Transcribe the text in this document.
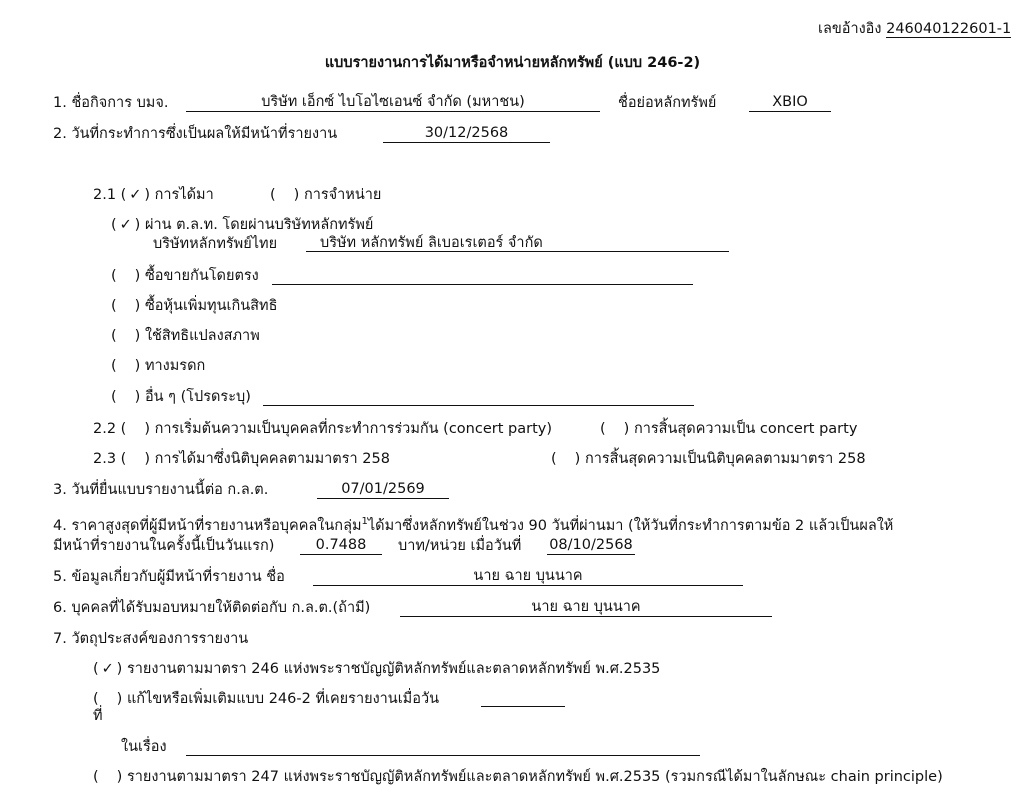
เลขอ้างอิง 246040122601-1
แบบรายงานการได้มาหรือจำหน่ายหลักทรัพย์ (แบบ 246-2)
1. ชื่อกิจการ บมจ.	บริษัท เอ็กซ์ ไบโอไซเอนซ์ จำกัด (มหาชน)	ชื่อย่อหลักทรัพย์	XBIO
2. วันที่กระทำการซึ่งเป็นผลให้มีหน้าที่รายงาน	30/12/2568
2.1 ( ✓ ) การได้มา	( ) การจำหน่าย
( ✓ ) ผ่าน ต.ล.ท. โดยผ่านบริษัทหลักทรัพย์
บริษัทหลักทรัพย์ไทย	บริษัท หลักทรัพย์ ลิเบอเรเตอร์ จำกัด
( ) ซื้อขายกันโดยตรง
( ) ซื้อหุ้นเพิ่มทุนเกินสิทธิ
( ) ใช้สิทธิแปลงสภาพ
( ) ทางมรดก
( ) อื่น ๆ (โปรดระบุ)
2.2 ( ) การเริ่มต้นความเป็นบุคคลที่กระทำการร่วมกัน (concert party)	( ) การสิ้นสุดความเป็น concert party
2.3 ( ) การได้มาซึ่งนิติบุคคลตามมาตรา 258	( ) การสิ้นสุดความเป็นนิติบุคคลตามมาตรา 258
3. วันที่ยื่นแบบรายงานนี้ต่อ ก.ล.ต.	07/01/2569
4. ราคาสูงสุดที่ผู้มีหน้าที่รายงานหรือบุคคลในกลุ่ม$^1$ได้มาซึ่งหลักทรัพย์ในช่วง 90 วันที่ผ่านมา (ให้วันที่กระทำการตามข้อ 2 แล้วเป็นผลให้
มีหน้าที่รายงานในครั้งนี้เป็นวันแรก)	0.7488	บาท/หน่วย เมื่อวันที่ 08/10/2568
5. ข้อมูลเกี่ยวกับผู้มีหน้าที่รายงาน ชื่อ	นาย ฉาย บุนนาค
6. บุคคลที่ได้รับมอบหมายให้ติดต่อกับ ก.ล.ต.(ถ้ามี)	นาย ฉาย บุนนาค
7. วัตถุประสงค์ของการรายงาน
( ✓ ) รายงานตามมาตรา 246 แห่งพระราชบัญญัติหลักทรัพย์และตลาดหลักทรัพย์ พ.ศ.2535
( ) แก้ไขหรือเพิ่มเติมแบบ 246-2 ที่เคยรายงานเมื่อวัน
ที่
ในเรื่อง
( ) รายงานตามมาตรา 247 แห่งพระราชบัญญัติหลักทรัพย์และตลาดหลักทรัพย์ พ.ศ.2535 (รวมกรณีได้มาในลักษณะ chain principle)
